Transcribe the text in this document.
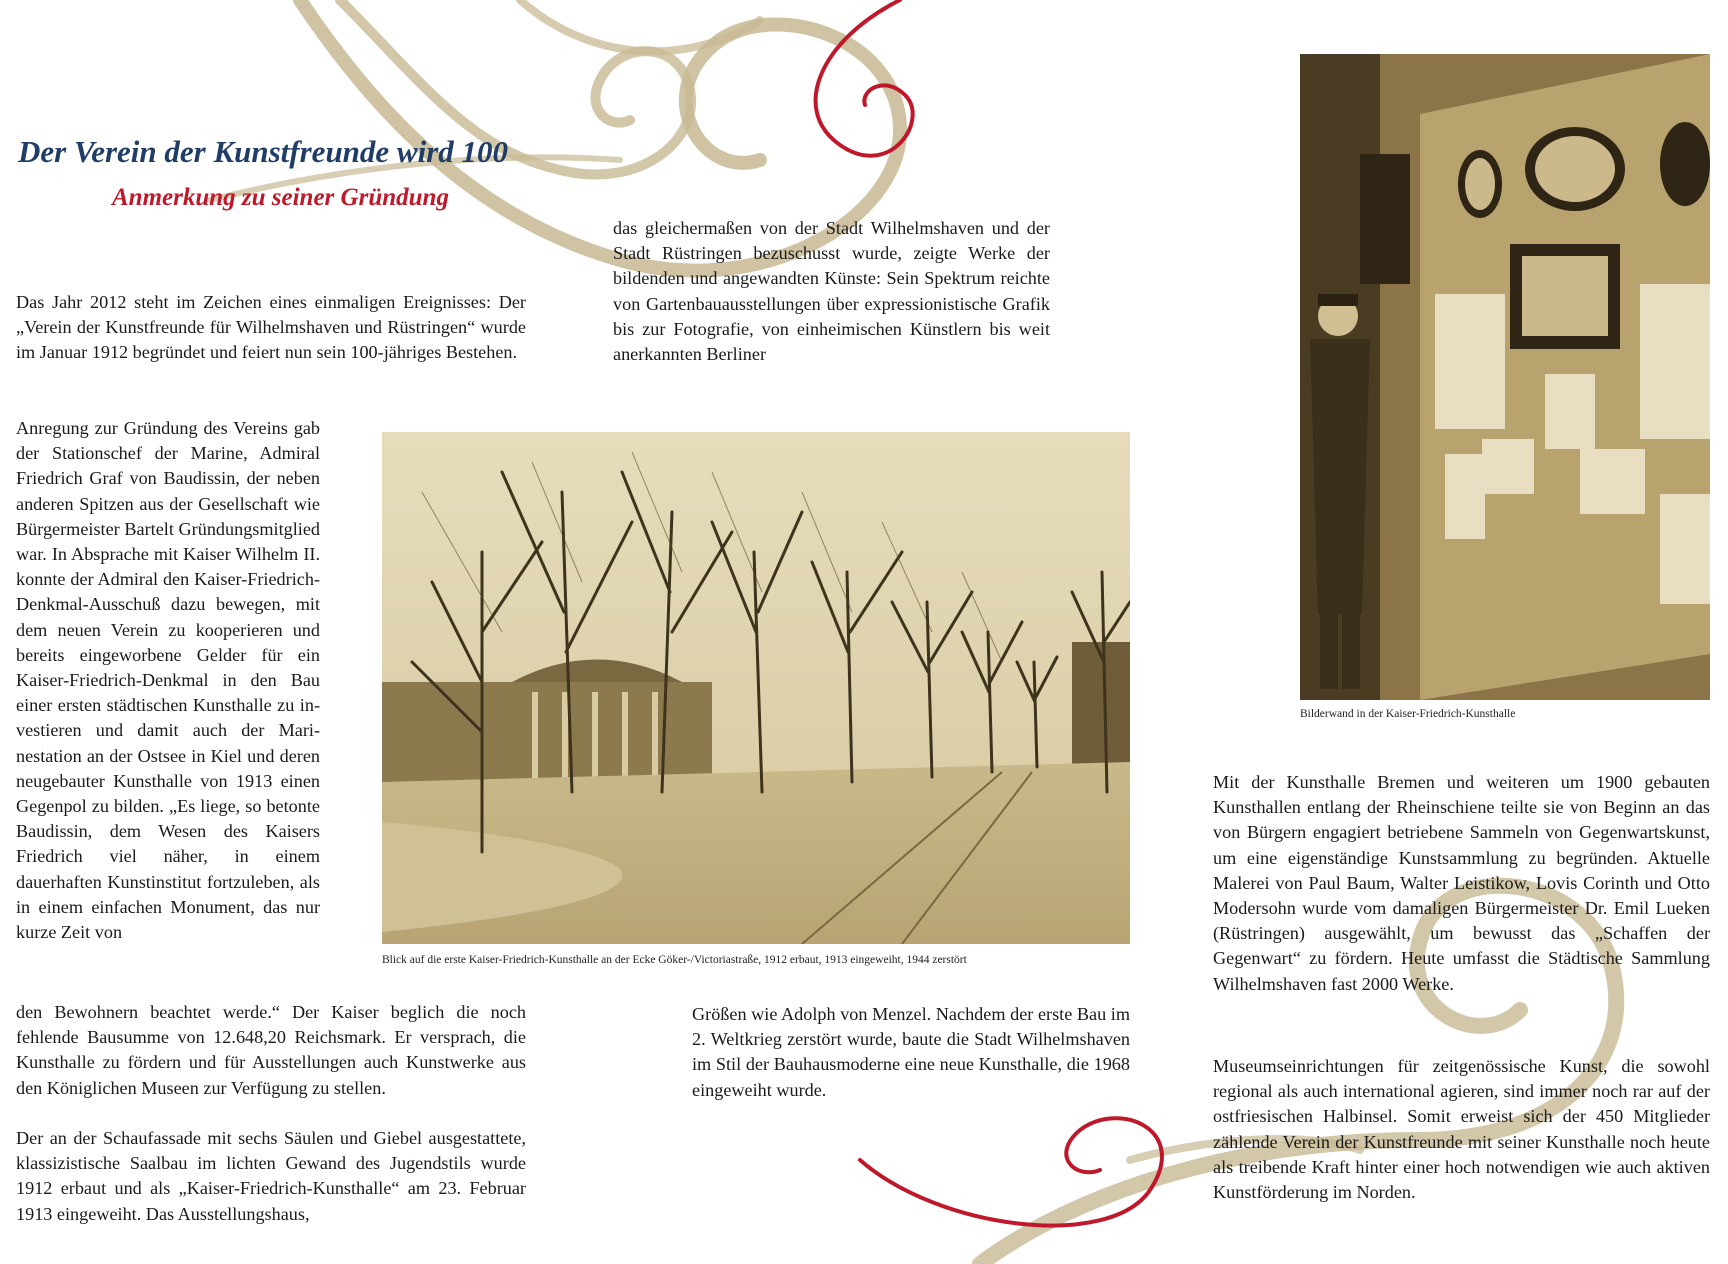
Der Verein der Kunstfreunde wird 100
Anmerkung zu seiner Gründung

Das Jahr 2012 steht im Zeichen eines einmaligen Ereignisses: Der „Verein der Kunstfreunde für Wilhelmshaven und Rüstringen“ wurde im Januar 1912 begründet und feiert nun sein 100-jähriges Bestehen.

Anregung zur Gründung des Vereins gab der Stationschef der Marine, Admiral Friedrich Graf von Baudissin, der neben anderen Spitzen aus der Gesellschaft wie Bürgermeister Bartelt Gründungsmitglied war. In Absprache mit Kaiser Wilhelm II. konnte der Admiral den Kaiser-Friedrich-Denkmal-Ausschuß dazu bewegen, mit dem neuen Verein zu kooperieren und bereits eingeworbene Gelder für ein Kaiser-Friedrich-Denkmal in den Bau einer ersten städtischen Kunsthalle zu investieren und damit auch der Marinestation an der Ostsee in Kiel und deren neugebauter Kunsthalle von 1913 einen Gegenpol zu bilden. „Es liege, so betonte Baudissin, dem Wesen des Kaisers Friedrich viel näher, in einem dauerhaften Kunstinstitut fortzuleben, als in einem einfachen Monument, das nur kurze Zeit von

den Bewohnern beachtet werde.“ Der Kaiser beglich die noch fehlende Bausumme von 12.648,20 Reichsmark. Er versprach, die Kunsthalle zu fördern und für Ausstellungen auch Kunstwerke aus den Königlichen Museen zur Verfügung zu stellen.

Der an der Schaufassade mit sechs Säulen und Giebel ausgestattete, klassizistische Saalbau im lichten Gewand des Jugendstils wurde 1912 erbaut und als „Kaiser-Friedrich-Kunsthalle“ am 23. Februar 1913 eingeweiht. Das Ausstellungshaus,

das gleichermaßen von der Stadt Wilhelmshaven und der Stadt Rüstringen bezuschusst wurde, zeigte Werke der bildenden und angewandten Künste: Sein Spektrum reichte von Gartenbauausstellungen über expressionistische Grafik bis zur Fotografie, von einheimischen Künstlern bis weit anerkannten Berliner

Größen wie Adolph von Menzel. Nachdem der erste Bau im 2. Weltkrieg zerstört wurde, baute die Stadt Wilhelmshaven im Stil der Bauhausmoderne eine neue Kunsthalle, die 1968 eingeweiht wurde.

Blick auf die erste Kaiser-Friedrich-Kunsthalle an der Ecke Göker-/Victoriastraße, 1912 erbaut, 1913 eingeweiht, 1944 zerstört

Bilderwand in der Kaiser-Friedrich-Kunsthalle

Mit der Kunsthalle Bremen und weiteren um 1900 gebauten Kunsthallen entlang der Rheinschiene teilte sie von Beginn an das von Bürgern engagiert betriebene Sammeln von Gegenwartskunst, um eine eigenständige Kunstsammlung zu begründen. Aktuelle Malerei von Paul Baum, Walter Leistikow, Lovis Corinth und Otto Modersohn wurde vom damaligen Bürgermeister Dr. Emil Lueken (Rüstringen) ausgewählt, um bewusst das „Schaffen der Gegenwart“ zu fördern. Heute umfasst die Städtische Sammlung Wilhelmshaven fast 2000 Werke.

Museumseinrichtungen für zeitgenössische Kunst, die sowohl regional als auch international agieren, sind immer noch rar auf der ostfriesischen Halbinsel. Somit erweist sich der 450 Mitglieder zählende Verein der Kunstfreunde mit seiner Kunsthalle noch heute als treibende Kraft hinter einer hoch notwendigen wie auch aktiven Kunstförderung im Norden.
